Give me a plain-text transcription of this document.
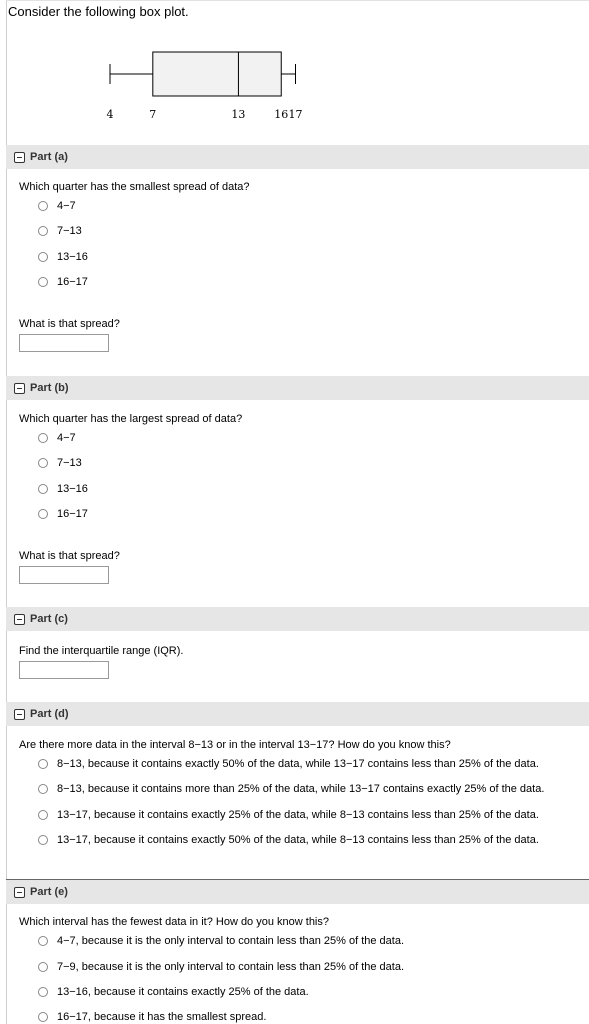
Consider the following box plot.
4	7	13	16 17
Part (a)
Which quarter has the smallest spread of data?
4−7
7−13
13−16
16−17
What is that spread?
Part (b)
Which quarter has the largest spread of data?
4−7
7−13
13−16
16−17
What is that spread?
Part (c)
Find the interquartile range (IQR).
Part (d)
Are there more data in the interval 8−13 or in the interval 13−17? How do you know this?
8−13, because it contains exactly 50% of the data, while 13−17 contains less than 25% of the data.
8−13, because it contains more than 25% of the data, while 13−17 contains exactly 25% of the data.
13−17, because it contains exactly 25% of the data, while 8−13 contains less than 25% of the data.
13−17, because it contains exactly 50% of the data, while 8−13 contains less than 25% of the data.
Part (e)
Which interval has the fewest data in it? How do you know this?
4−7, because it is the only interval to contain less than 25% of the data.
7−9, because it is the only interval to contain less than 25% of the data.
13−16, because it contains exactly 25% of the data.
16−17, because it has the smallest spread.
